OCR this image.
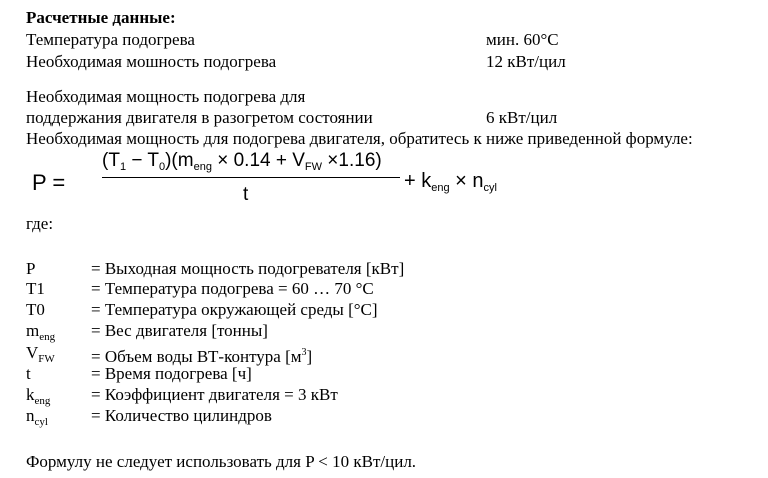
Расчетные данные:
Температура подогрева	мин. 60°C
Необходимая мошность подогрева	12 кВт/цил
Необходимая мощность подогрева для
поддержания двигателя в разогретом состоянии	6 кВт/цил
Необходимая мощность для подогрева двигателя, обратитесь к ниже приведенной формуле:
P =
$(T_1 - T_0)(m_{eng} \times 0.14 + V_{FW} \times 1.16)$
t
+ $k_{eng} \times n_{cyl}$
где:
P	= Выходная мощность подогревателя [кВт]
T1	= Температура подогрева = 60 … 70 °C
T0	= Температура окружающей среды [°C]
$m_{eng}$ = Вес двигателя [тонны]
$V_{FW}$ = Объем воды ВТ-контура $[м^3]$
t	= Время подогрева [ч]
$k_{eng}$ = Коэффициент двигателя = 3 кВт
$n_{cyl}$	= Количество цилиндров
Формулу не следует использовать для P < 10 кВт/цил.
